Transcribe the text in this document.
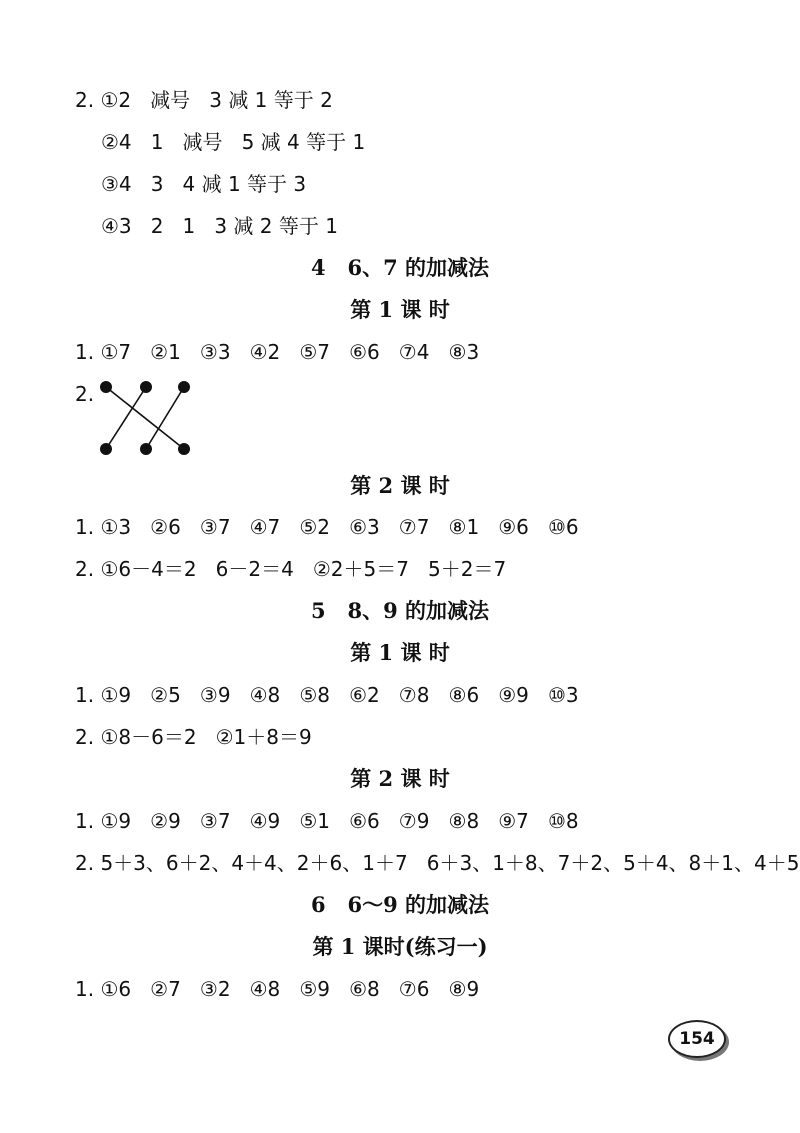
2. ①2   减号   3 减 1 等于 2
②4   1   减号   5 减 4 等于 1
③4   3   4 减 1 等于 3
④3   2   1   3 减 2 等于 1
4   6、7 的加减法
第 1 课 时
1. ①7   ②1   ③3   ④2   ⑤7   ⑥6   ⑦4   ⑧3
2.
第 2 课 时
1. ①3   ②6   ③7   ④7   ⑤2   ⑥3   ⑦7   ⑧1   ⑨6   ⑩6
2. ①6－4＝2   6－2＝4   ②2＋5＝7   5＋2＝7
5   8、9 的加减法
第 1 课 时
1. ①9   ②5   ③9   ④8   ⑤8   ⑥2   ⑦8   ⑧6   ⑨9   ⑩3
2. ①8－6＝2   ②1＋8＝9
第 2 课 时
1. ①9   ②9   ③7   ④9   ⑤1   ⑥6   ⑦9   ⑧8   ⑨7   ⑩8
2. 5＋3、6＋2、4＋4、2＋6、1＋7   6＋3、1＋8、7＋2、5＋4、8＋1、4＋5
6   6～9 的加减法
第 1 课时(练习一)
1. ①6   ②7   ③2   ④8   ⑤9   ⑥8   ⑦6   ⑧9
154
